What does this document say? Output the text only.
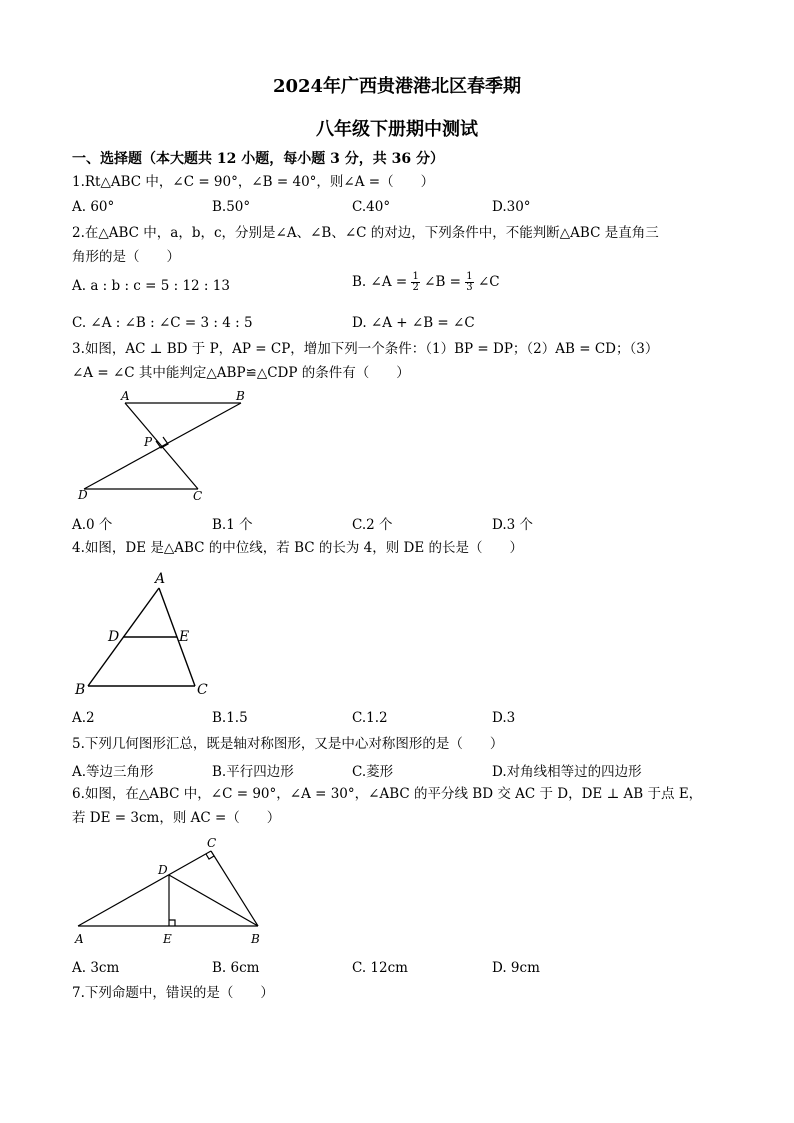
2024年广西贵港港北区春季期
八年级下册期中测试
一、选择题（本大题共 12 小题，每小题 3 分，共 36 分）
1.Rt△ABC 中，∠C = 90°，∠B = 40°，则∠A =（　　）
A. 60°	B.50°	C.40°	D.30°
2.在△ABC 中，a，b，c，分别是∠A、∠B、∠C 的对边，下列条件中，不能判断△ABC 是直角三
角形的是（　　）
A. a : b : c = 5 : 12 : 13	B. ∠A = $\frac{1}{2}$ ∠B = $\frac{1}{3}$ ∠C
C. ∠A : ∠B : ∠C = 3 : 4 : 5	D. ∠A + ∠B = ∠C
3.如图，AC ⊥ BD 于 P，AP = CP，增加下列一个条件：（1）BP = DP；（2）AB = CD；（3）
∠A = ∠C 其中能判定△ABP≌△CDP 的条件有（　　）
A	B
P
D	C
A
D	E
B	C
C
D
A	E	B
A.0 个	B.1 个	C.2 个	D.3 个
4.如图，DE 是△ABC 的中位线，若 BC 的长为 4，则 DE 的长是（　　）
A.2	B.1.5	C.1.2	D.3
5.下列几何图形汇总，既是轴对称图形，又是中心对称图形的是（　　）
A.等边三角形	B.平行四边形	C.菱形	D.对角线相等过的四边形
6.如图，在△ABC 中，∠C = 90°，∠A = 30°，∠ABC 的平分线 BD 交 AC 于 D，DE ⊥ AB 于点 E，
若 DE = 3cm，则 AC =（　　）
A. 3cm	B. 6cm	C. 12cm	D. 9cm
7.下列命题中，错误的是（　　）
